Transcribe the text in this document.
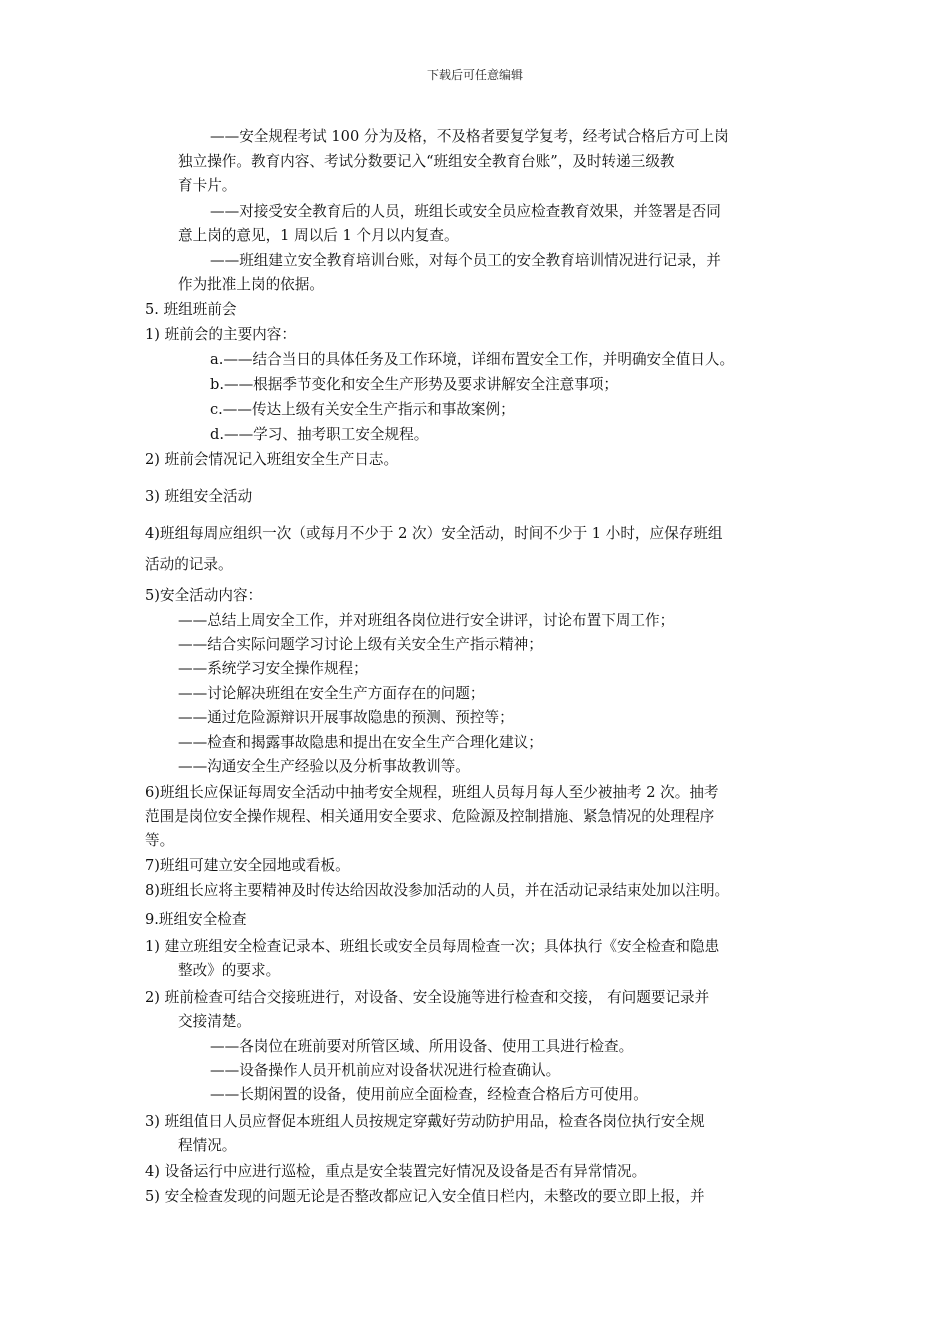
下载后可任意编辑
——安全规程考试 100 分为及格，不及格者要复学复考，经考试合格后方可上岗
独立操作。教育内容、考试分数要记入“班组安全教育台账”，及时转递三级教
育卡片。
——对接受安全教育后的人员，班组长或安全员应检查教育效果，并签署是否同
意上岗的意见，1 周以后 1 个月以内复查。
——班组建立安全教育培训台账，对每个员工的安全教育培训情况进行记录，并
作为批准上岗的依据。
5. 班组班前会
1) 班前会的主要内容：
a.——结合当日的具体任务及工作环境，详细布置安全工作，并明确安全值日人。
b.——根据季节变化和安全生产形势及要求讲解安全注意事项；
c.——传达上级有关安全生产指示和事故案例；
d.——学习、抽考职工安全规程。
2) 班前会情况记入班组安全生产日志。
3) 班组安全活动
4)班组每周应组织一次（或每月不少于 2 次）安全活动，时间不少于 1 小时，应保存班组
活动的记录。
5)安全活动内容：
——总结上周安全工作，并对班组各岗位进行安全讲评，讨论布置下周工作；
——结合实际问题学习讨论上级有关安全生产指示精神；
——系统学习安全操作规程；
——讨论解决班组在安全生产方面存在的问题；
——通过危险源辩识开展事故隐患的预测、预控等；
——检查和揭露事故隐患和提出在安全生产合理化建议；
——沟通安全生产经验以及分析事故教训等。
6)班组长应保证每周安全活动中抽考安全规程，班组人员每月每人至少被抽考 2 次。抽考
范围是岗位安全操作规程、相关通用安全要求、危险源及控制措施、紧急情况的处理程序
等。
7)班组可建立安全园地或看板。
8)班组长应将主要精神及时传达给因故没参加活动的人员，并在活动记录结束处加以注明。
9.班组安全检查
1) 建立班组安全检查记录本、班组长或安全员每周检查一次；具体执行《安全检查和隐患
整改》的要求。
2) 班前检查可结合交接班进行，对设备、安全设施等进行检查和交接， 有问题要记录并
交接清楚。
——各岗位在班前要对所管区域、所用设备、使用工具进行检查。
——设备操作人员开机前应对设备状况进行检查确认。
——长期闲置的设备，使用前应全面检查，经检查合格后方可使用。
3) 班组值日人员应督促本班组人员按规定穿戴好劳动防护用品，检查各岗位执行安全规
程情况。
4) 设备运行中应进行巡检，重点是安全装置完好情况及设备是否有异常情况。
5) 安全检查发现的问题无论是否整改都应记入安全值日栏内，未整改的要立即上报，并
